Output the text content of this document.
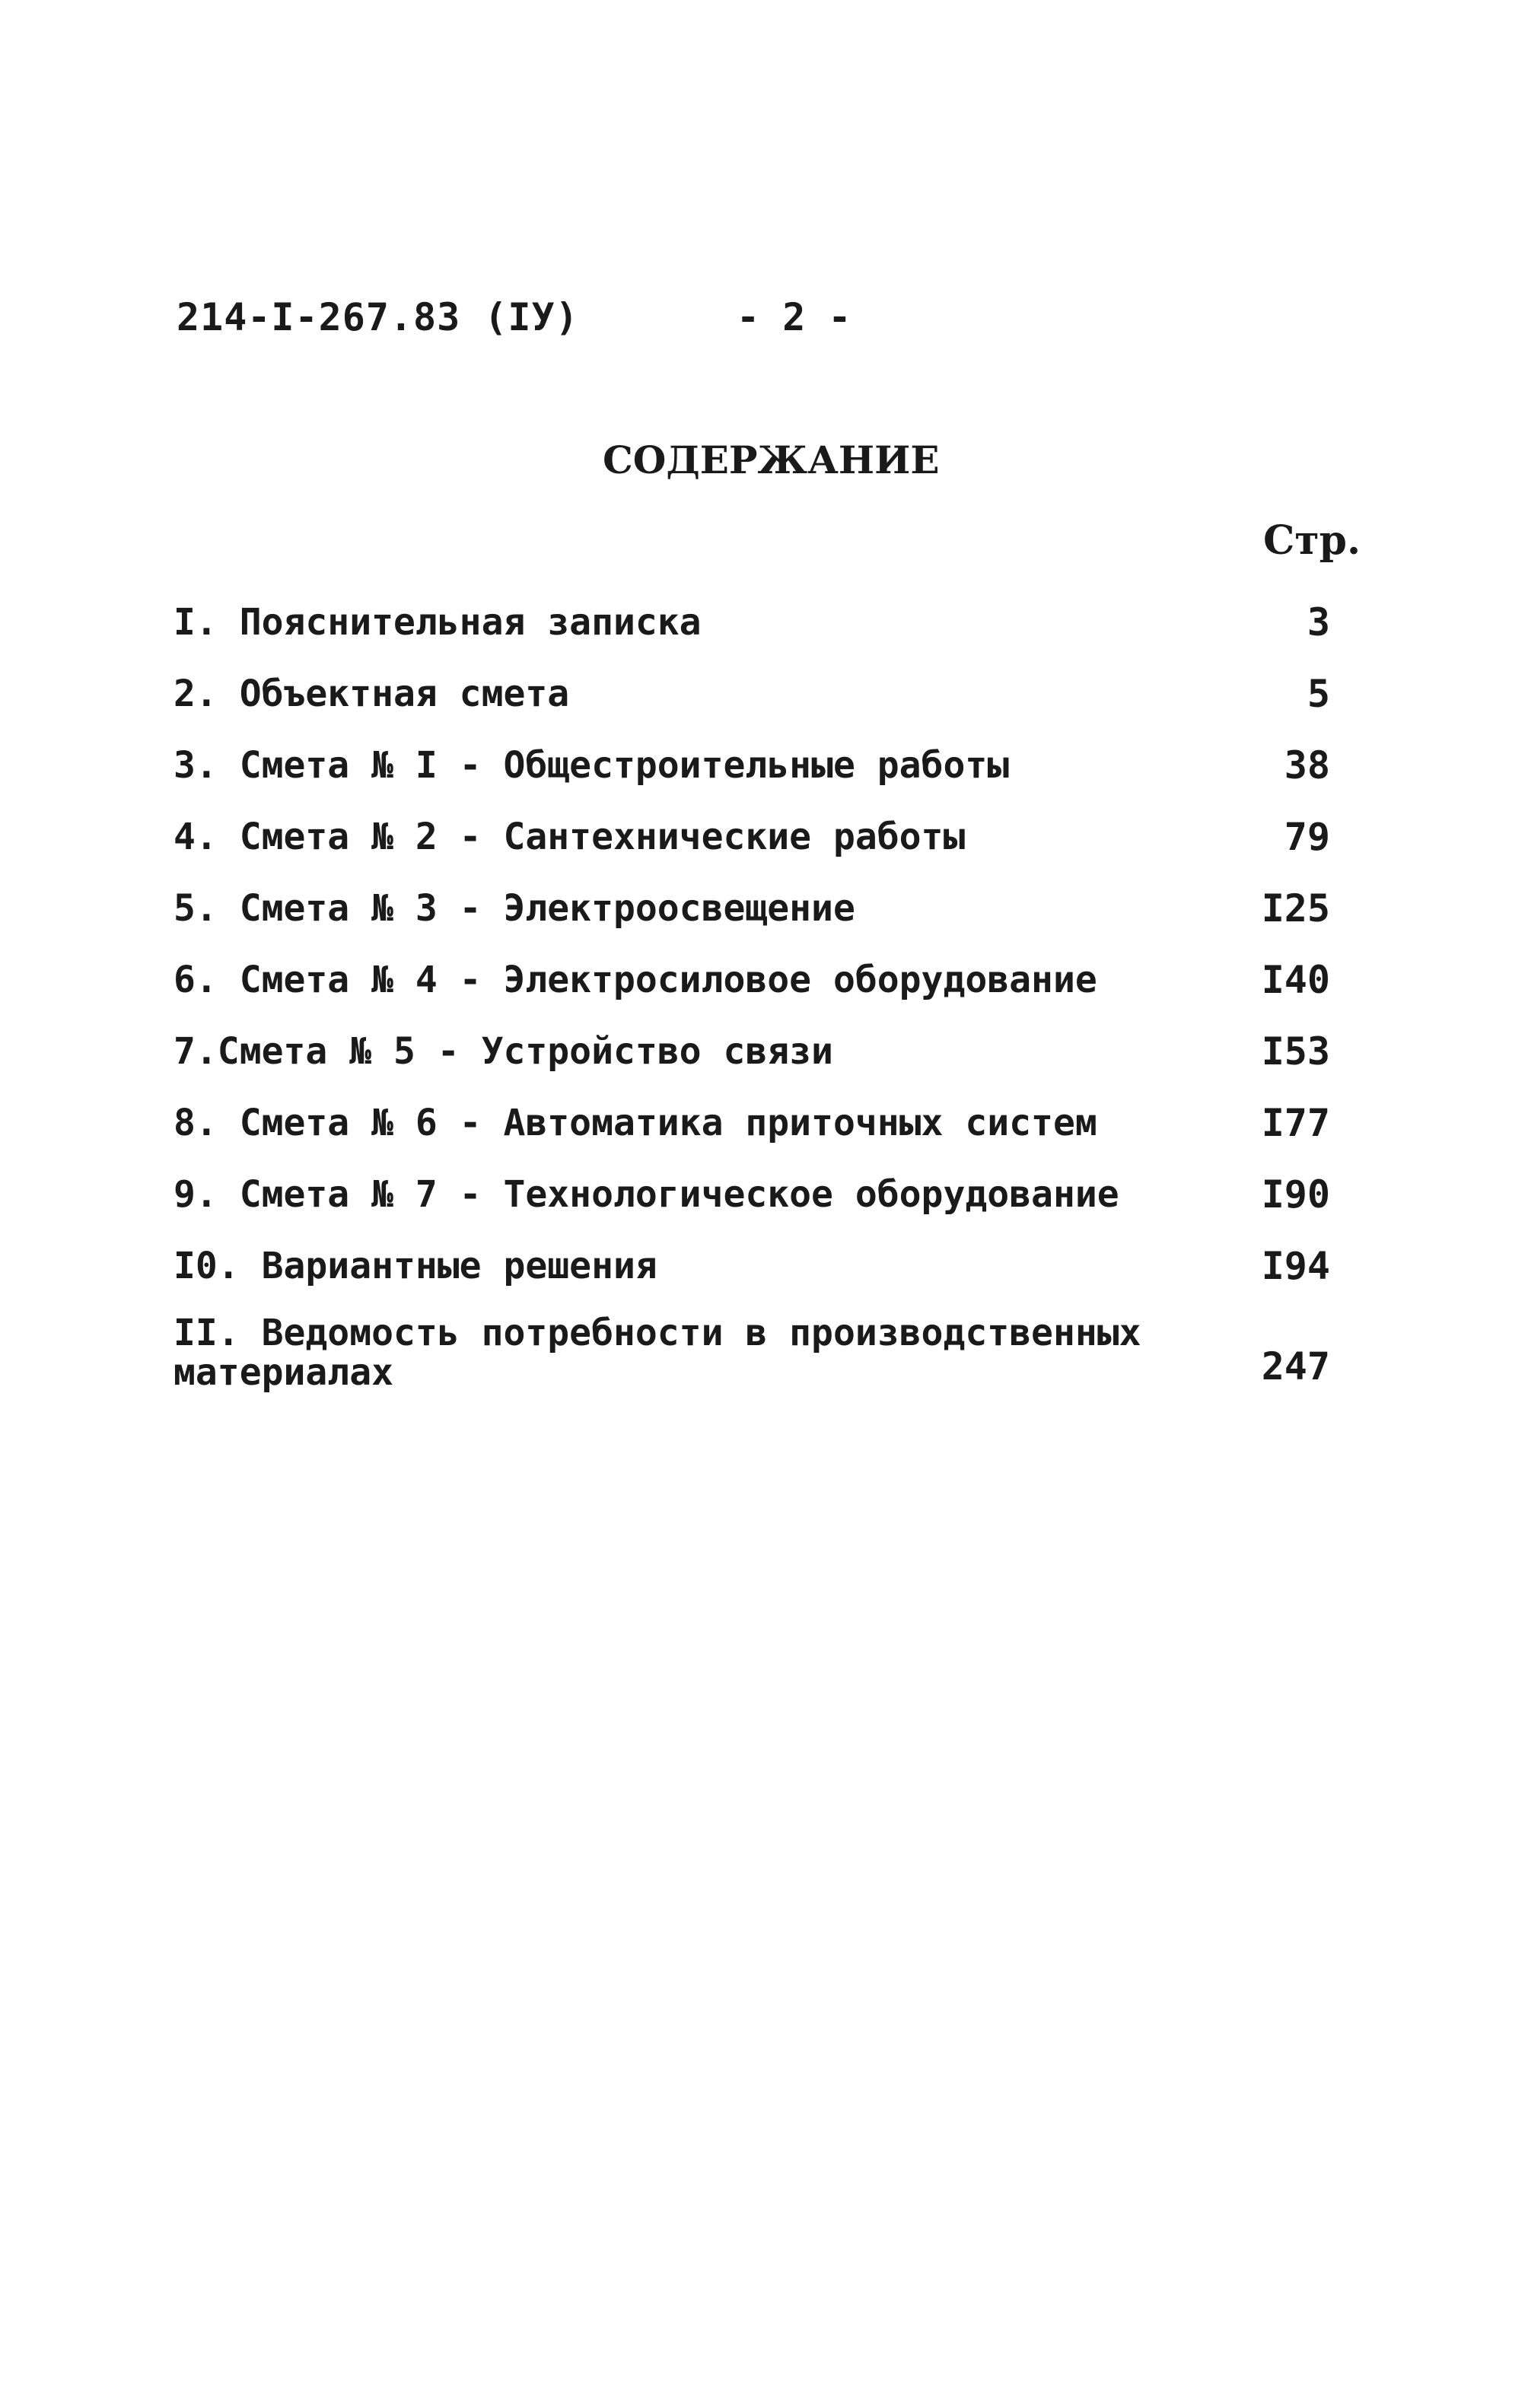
214-I-267.83 (IУ)	- 2 -
СОДЕРЖАНИЕ
Стр.
I. Пояснительная записка	3
2. Объектная смета	5
3. Смета № I - Общестроительные работы	38
4. Смета № 2 - Сантехнические работы	79
5. Смета № 3 - Электроосвещение	I25
6. Смета № 4 - Электросиловое оборудование	I40
7.Смета № 5 - Устройство связи	I53
8. Смета № 6 - Автоматика приточных систем	I77
9. Смета № 7 - Технологическое оборудование	I90
I0. Вариантные решения	I94
II. Ведомость потребности в производственных
материалах	247
